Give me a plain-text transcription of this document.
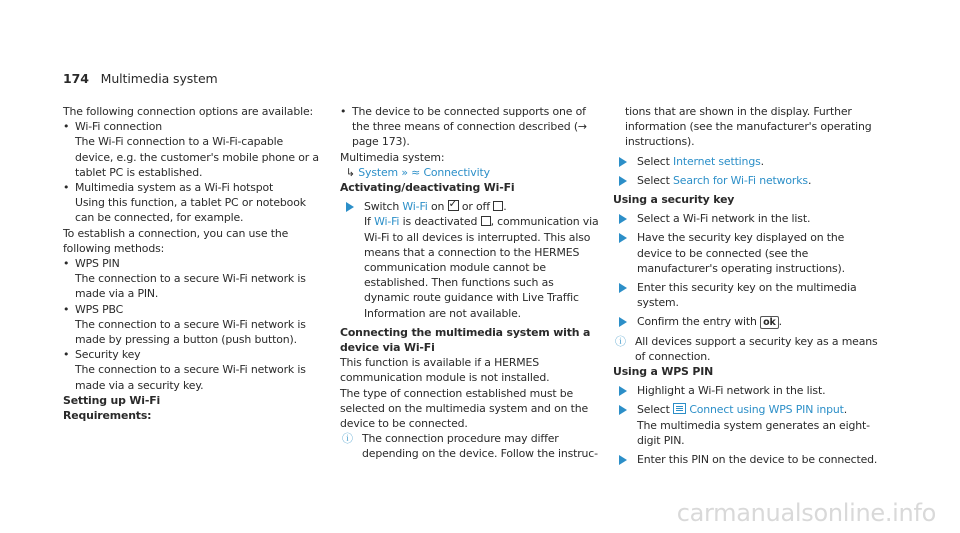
174 Multimedia system

The following connection options are available:

• Wi-Fi connection
The Wi-Fi connection to a Wi-Fi-capable device, e.g. the customer's mobile phone or a tablet PC is established.
• Multimedia system as a Wi-Fi hotspot
Using this function, a tablet PC or notebook can be connected, for example.

To establish a connection, you can use the following methods:

• WPS PIN
The connection to a secure Wi-Fi network is made via a PIN.
• WPS PBC
The connection to a secure Wi-Fi network is made by pressing a button (push button).
• Security key
The connection to a secure Wi-Fi network is made via a security key.

Setting up Wi-Fi

Requirements:

• The device to be connected supports one of the three means of connection described (→ page 173).

Multimedia system:

↳ System » ≈ Connectivity

Activating/deactivating Wi-Fi

Switch Wi-Fi on ✓ or off .
If Wi-Fi is deactivated , communication via Wi-Fi to all devices is interrupted. This also means that a connection to the HERMES communication module cannot be established. Then functions such as dynamic route guidance with Live Traffic Information are not available.

Connecting the multimedia system with a device via Wi-Fi

This function is available if a HERMES communication module is not installed.

The type of connection established must be selected on the multimedia system and on the device to be connected.

ⓘ The connection procedure may differ depending on the device. Follow the instruc-
tions that are shown in the display. Further information (see the manufacturer's operating instructions).
Select Internet settings.
Select Search for Wi-Fi networks.

Using a security key

Select a Wi-Fi network in the list.
Have the security key displayed on the device to be connected (see the manufacturer's operating instructions).
Enter this security key on the multimedia system.
Confirm the entry with ok .
ⓘ All devices support a security key as a means of connection.

Using a WPS PIN

Highlight a Wi-Fi network in the list.
Select Connect using WPS PIN input.
The multimedia system generates an eight-digit PIN.
Enter this PIN on the device to be connected.
carmanualsonline.info
